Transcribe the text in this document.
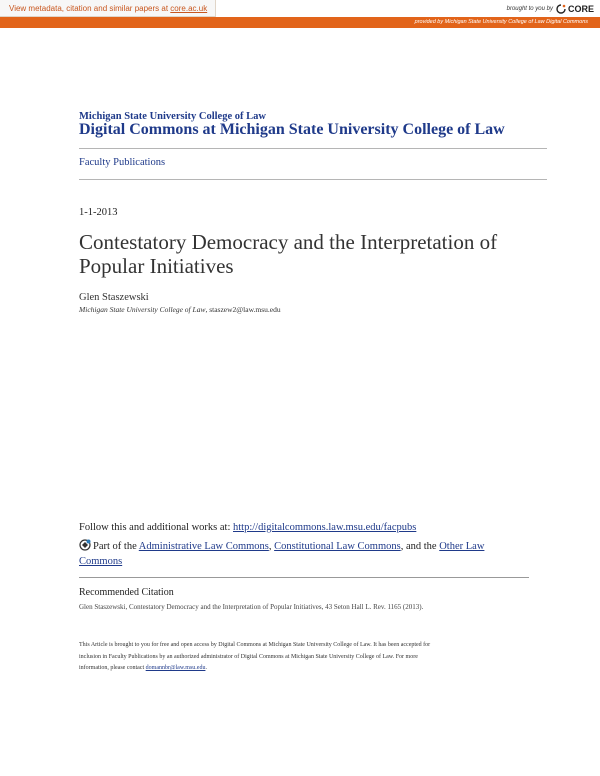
View metadata, citation and similar papers at core.ac.uk	brought to you by CORE
provided by Michigan State University College of Law Digital Commons
Michigan State University College of Law
Digital Commons at Michigan State University College of Law
Faculty Publications
1-1-2013
Contestatory Democracy and the Interpretation of Popular Initiatives
Glen Staszewski
Michigan State University College of Law, staszew2@law.msu.edu
Follow this and additional works at: http://digitalcommons.law.msu.edu/facpubs
Part of the Administrative Law Commons, Constitutional Law Commons, and the Other Law Commons
Recommended Citation
Glen Staszewski, Contestatory Democracy and the Interpretation of Popular Initiatives, 43 Seton Hall L. Rev. 1165 (2013).
This Article is brought to you for free and open access by Digital Commons at Michigan State University College of Law. It has been accepted for
inclusion in Faculty Publications by an authorized administrator of Digital Commons at Michigan State University College of Law. For more
information, please contact domannbr@law.msu.edu.
